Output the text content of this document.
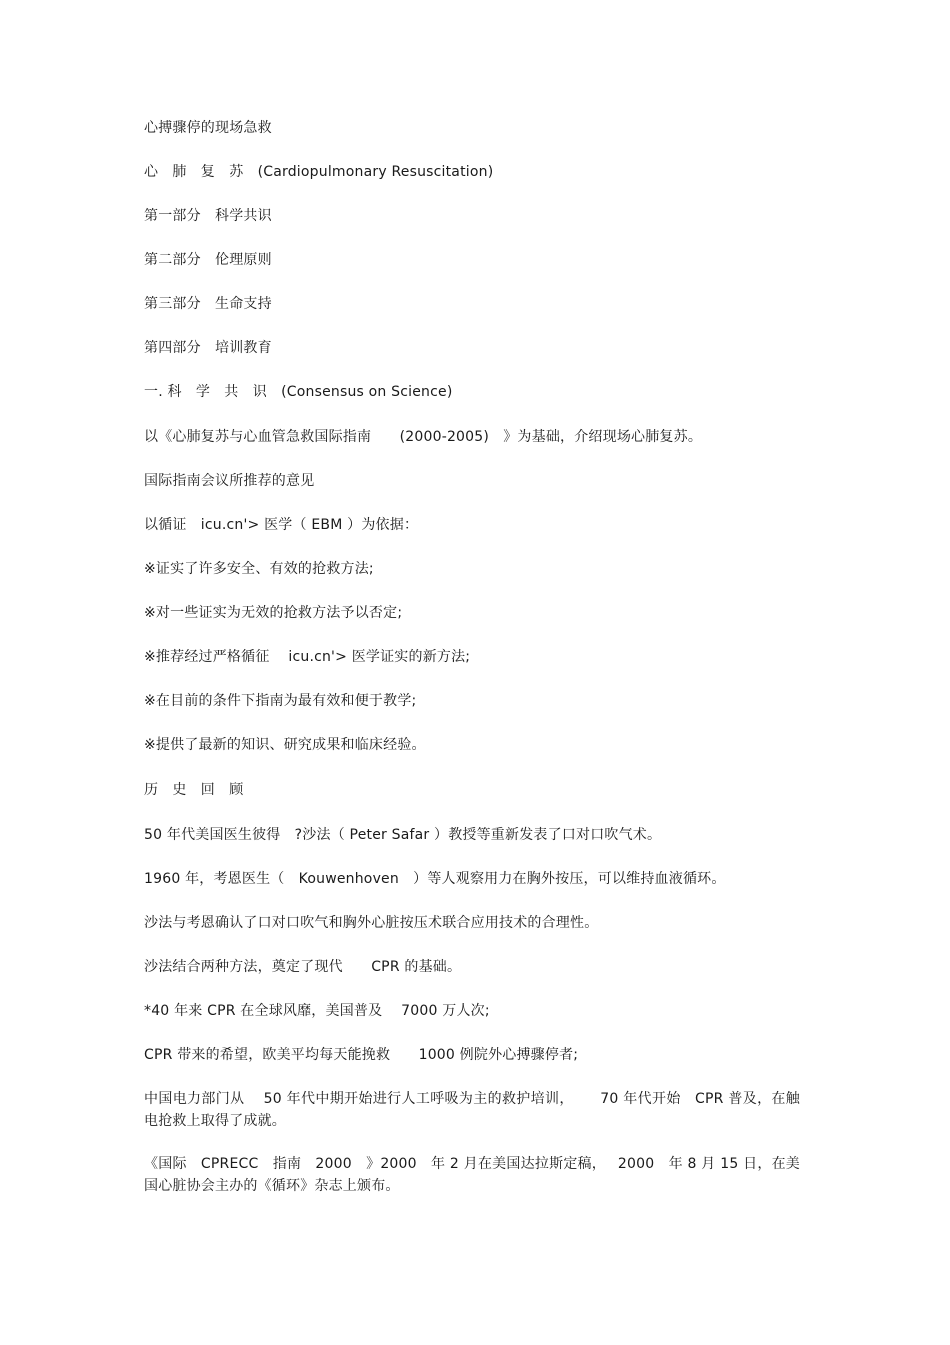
心搏骤停的现场急救
心　肺　复　苏　(Cardiopulmonary Resuscitation)
第一部分　科学共识
第二部分　伦理原则
第三部分　生命支持
第四部分　培训教育
一. 科　学　共　识　(Consensus on Science)
以《心肺复苏与心血管急救国际指南　　(2000-2005)　》为基础，介绍现场心肺复苏。
国际指南会议所推荐的意见
以循证　icu.cn'> 医学（ EBM ）为依据：
※证实了许多安全、有效的抢救方法;
※对一些证实为无效的抢救方法予以否定;
※推荐经过严格循征　 icu.cn'> 医学证实的新方法;
※在目前的条件下指南为最有效和便于教学;
※提供了最新的知识、研究成果和临床经验。
历　史　回　顾
50 年代美国医生彼得　?沙法（ Peter Safar ）教授等重新发表了口对口吹气术。
1960 年，考恩医生（　Kouwenhoven　）等人观察用力在胸外按压，可以维持血液循环。
沙法与考恩确认了口对口吹气和胸外心脏按压术联合应用技术的合理性。
沙法结合两种方法，奠定了现代　　CPR 的基础。
*40 年来 CPR 在全球风靡，美国普及　 7000 万人次;
CPR 带来的希望，欧美平均每天能挽救　　1000 例院外心搏骤停者;
中国电力部门从　 50 年代中期开始进行人工呼吸为主的救护培训，　　 70 年代开始　CPR 普及，在触电抢救上取得了成就。
《国际　CPRECC　指南　2000　》2000　年 2 月在美国达拉斯定稿，　 2000　年 8 月 15 日，在美国心脏协会主办的《循环》杂志上颁布。
